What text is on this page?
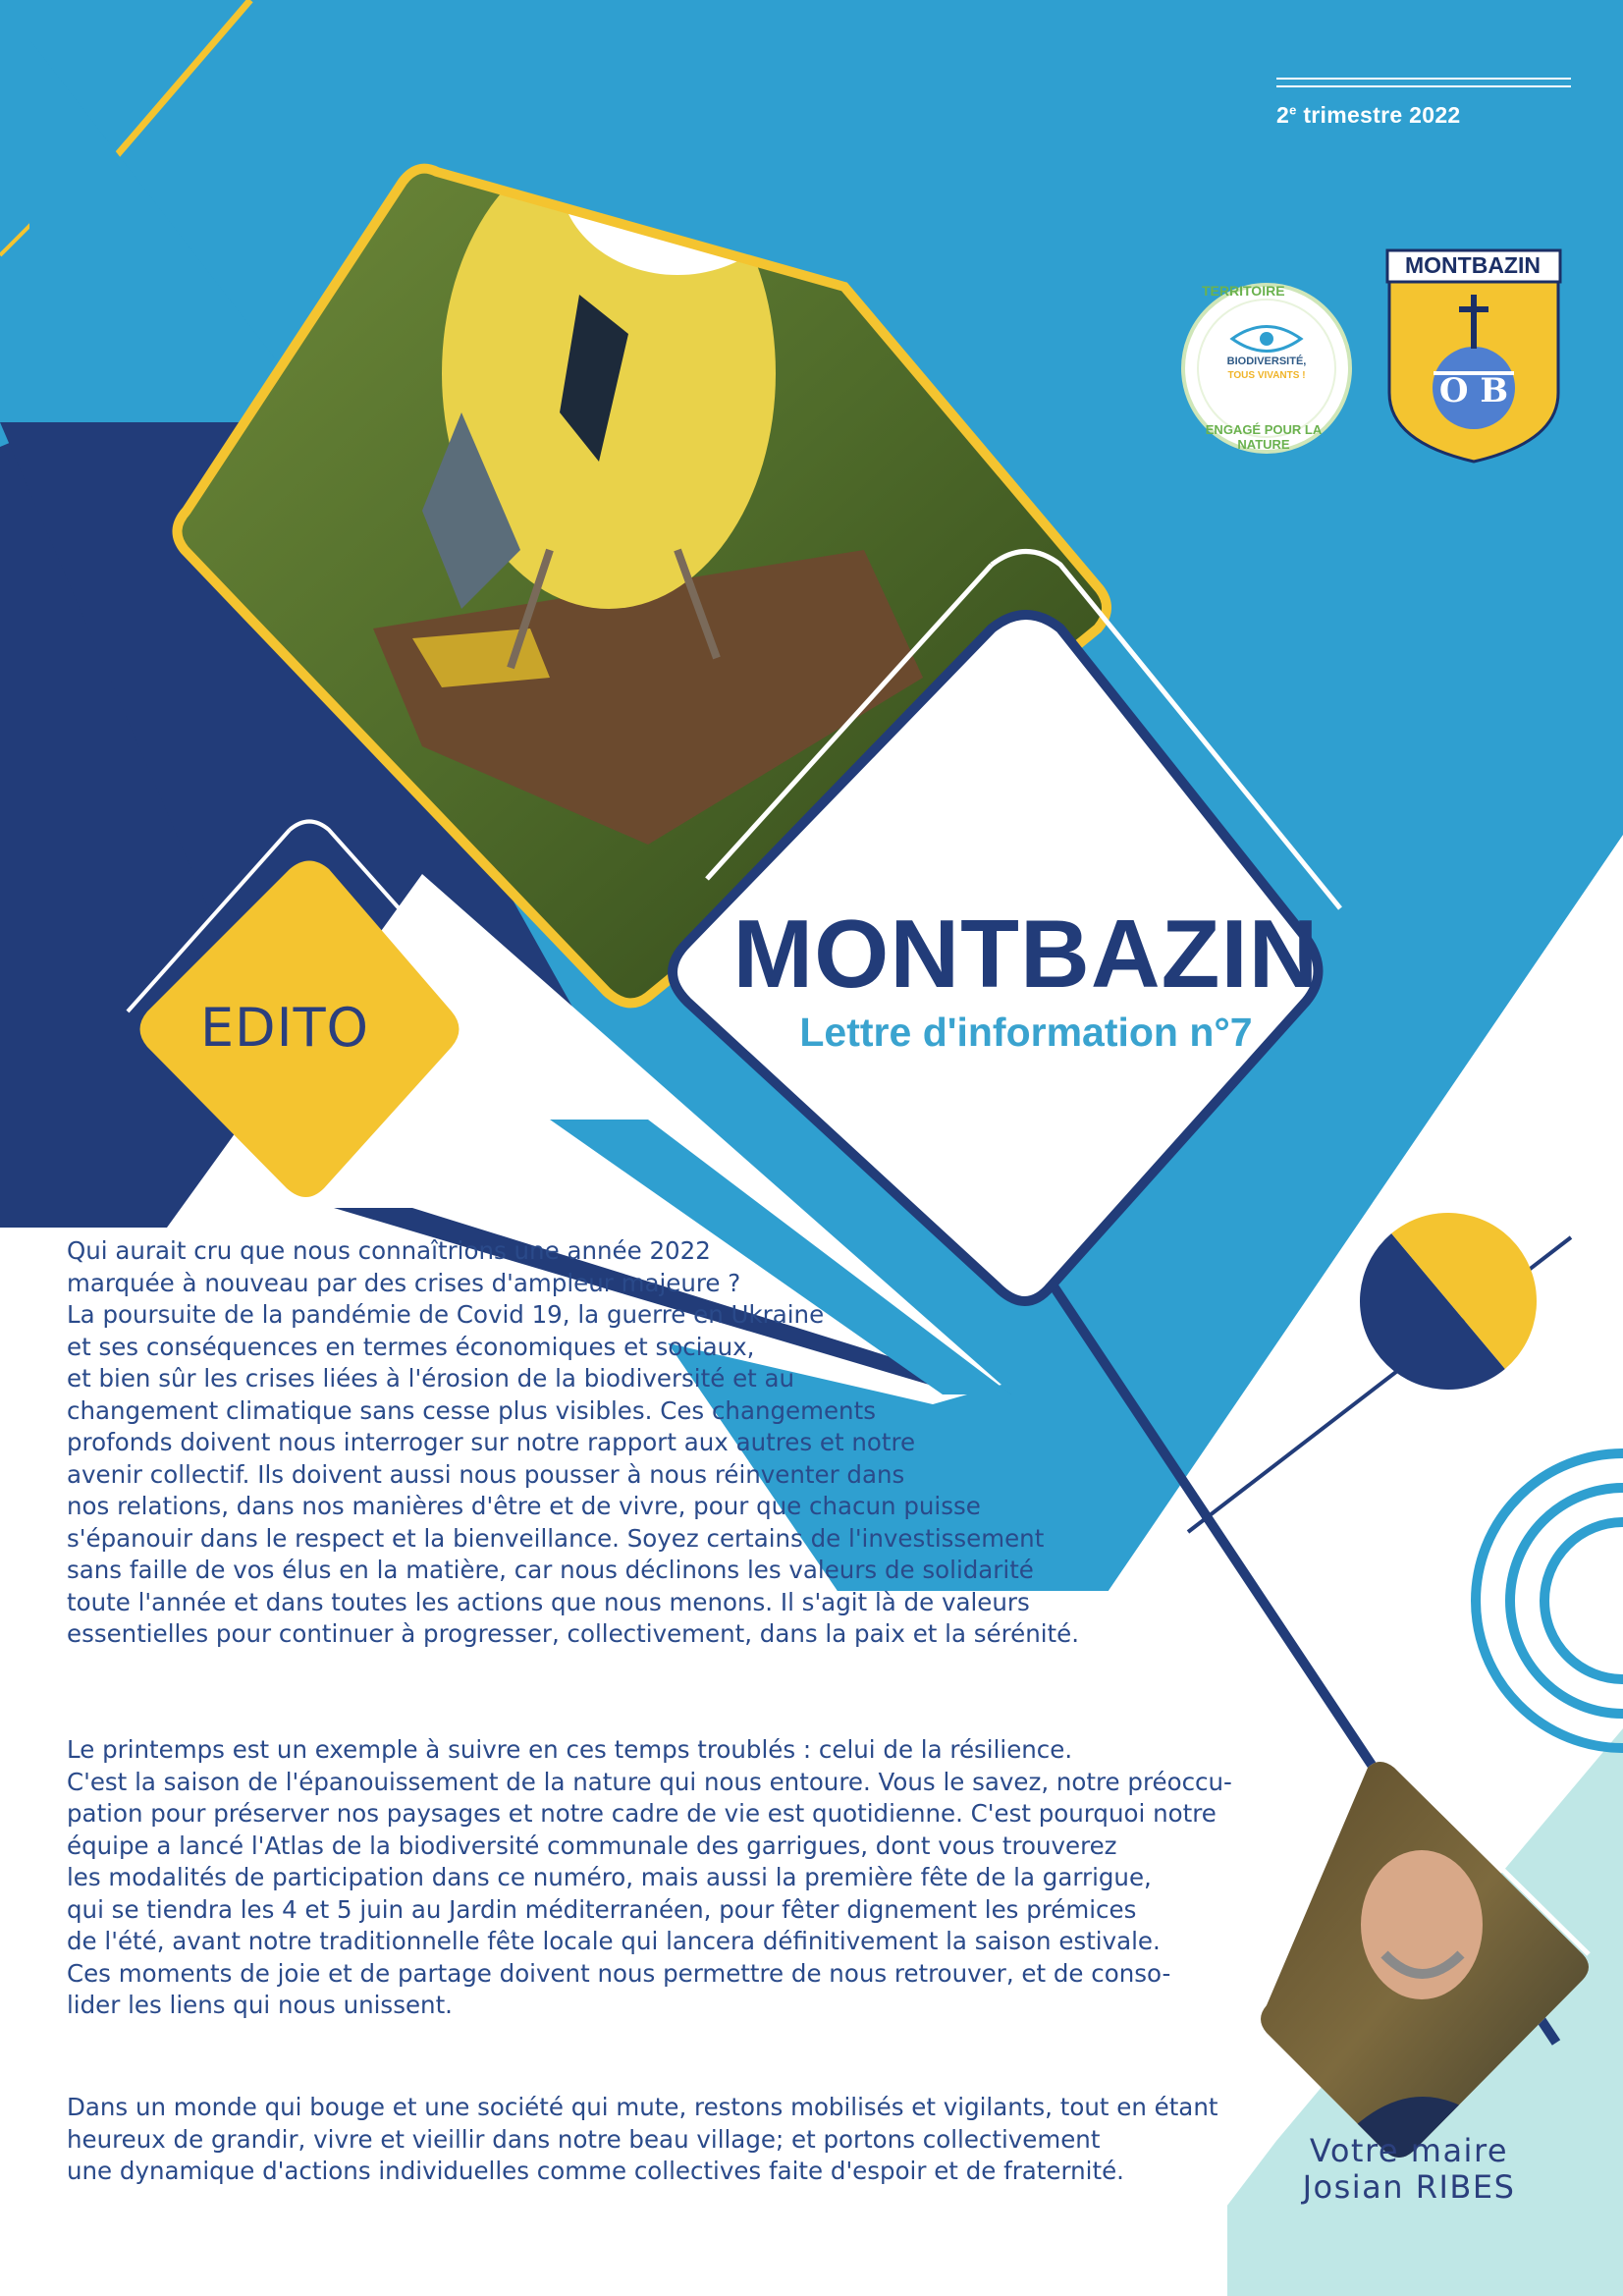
2e trimestre 2022
TERRITOIRE
BIODIVERSITÉ,
TOUS VIVANTS !
ENGAGÉ POUR LA NATURE
MONTBAZIN
O B
MONTBAZIN
Lettre d'information n°7
EDITO
Qui aurait cru que nous connaîtrions une année 2022
marquée à nouveau par des crises d'ampleur majeure ?
La poursuite de la pandémie de Covid 19, la guerre en Ukraine
et ses conséquences en termes économiques et sociaux,
et bien sûr les crises liées à l'érosion de la biodiversité et au
changement climatique sans cesse plus visibles. Ces changements
profonds doivent nous interroger sur notre rapport aux autres et notre
avenir collectif. Ils doivent aussi nous pousser à nous réinventer dans
nos relations, dans nos manières d'être et de vivre, pour que chacun puisse
s'épanouir dans le respect et la bienveillance. Soyez certains de l'investissement
sans faille de vos élus en la matière, car nous déclinons les valeurs de solidarité
toute l'année et dans toutes les actions que nous menons. Il s'agit là de valeurs
essentielles pour continuer à progresser, collectivement, dans la paix et la sérénité.
Le printemps est un exemple à suivre en ces temps troublés : celui de la résilience.
C'est la saison de l'épanouissement de la nature qui nous entoure. Vous le savez, notre préoccu-
pation pour préserver nos paysages et notre cadre de vie est quotidienne. C'est pourquoi notre
équipe a lancé l'Atlas de la biodiversité communale des garrigues, dont vous trouverez
les modalités de participation dans ce numéro, mais aussi la première fête de la garrigue,
qui se tiendra les 4 et 5 juin au Jardin méditerranéen, pour fêter dignement les prémices
de l'été, avant notre traditionnelle fête locale qui lancera définitivement la saison estivale.
Ces moments de joie et de partage doivent nous permettre de nous retrouver, et de conso-
lider les liens qui nous unissent.
Dans un monde qui bouge et une société qui mute, restons mobilisés et vigilants, tout en étant
heureux de grandir, vivre et vieillir dans notre beau village; et portons collectivement
une dynamique d'actions individuelles comme collectives faite d'espoir et de fraternité.
Votre maire
Josian RIBES
